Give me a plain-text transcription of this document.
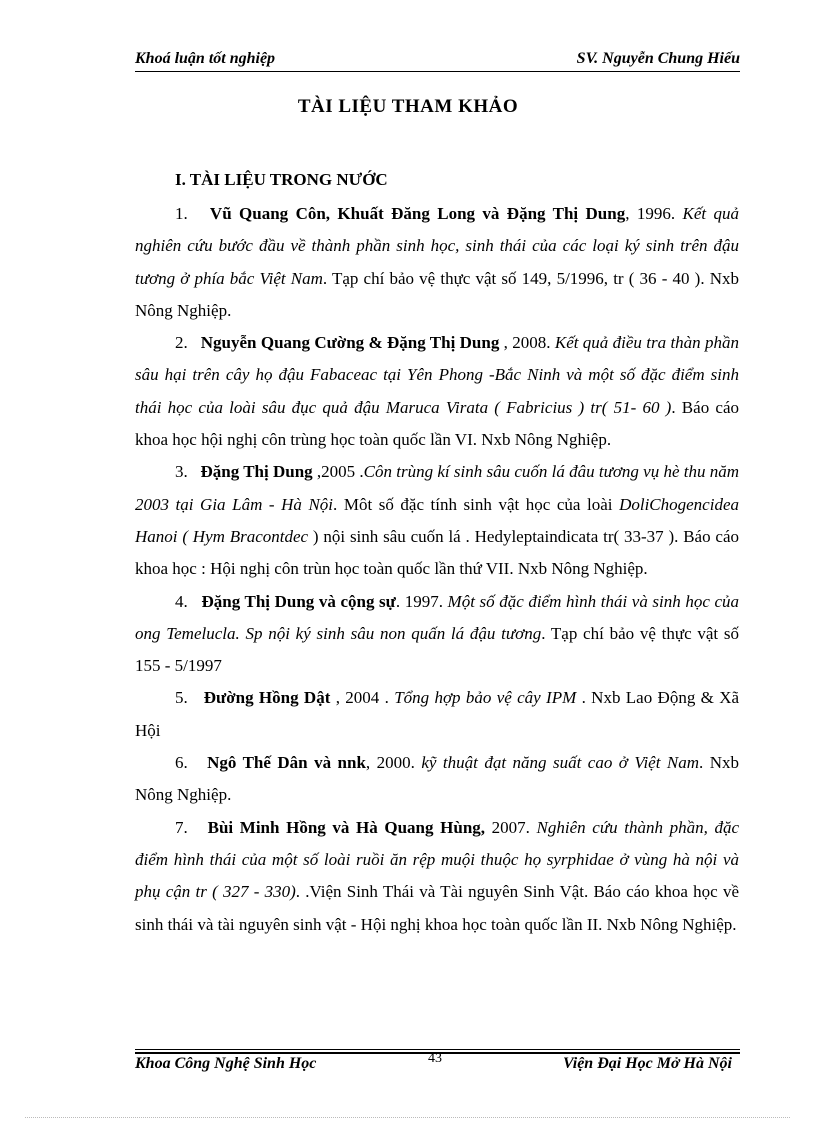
Khoá luận tốt nghiệp	SV. Nguyễn Chung Hiếu
TÀI LIỆU THAM KHẢO
I. TÀI LIỆU TRONG NƯỚC

1. Vũ Quang Côn, Khuất Đăng Long và Đặng Thị Dung, 1996. Kết quả nghiên cứu bước đầu về thành phần sinh học, sinh thái của các loại ký sinh trên đậu tương ở phía bắc Việt Nam. Tạp chí bảo vệ thực vật số 149, 5/1996, tr ( 36 - 40 ). Nxb Nông Nghiệp.

2. Nguyễn Quang Cường & Đặng Thị Dung , 2008. Kết quả điều tra thàn phần sâu hại trên cây họ đậu Fabaceac tại Yên Phong -Bắc Ninh và một số đặc điểm sinh thái học của loài sâu đục quả đậu Maruca Virata ( Fabricius ) tr( 51- 60 ). Báo cáo khoa học hội nghị côn trùng học toàn quốc lần VI. Nxb Nông Nghiệp.

3. Đặng Thị Dung ,2005 .Côn trùng kí sinh sâu cuốn lá đâu tương vụ hè thu năm 2003 tại Gia Lâm - Hà Nội. Môt số đặc tính sinh vật học của loài DoliChogencidea Hanoi ( Hym Bracontdec ) nội sinh sâu cuốn lá . Hedyleptaindicata tr( 33-37 ). Báo cáo khoa học : Hội nghị côn trùn học toàn quốc lần thứ VII. Nxb Nông Nghiệp.

4. Đặng Thị Dung và cộng sự. 1997. Một số đặc điểm hình thái và sinh học của ong Temelucla. Sp nội ký sinh sâu non quấn lá đậu tương. Tạp chí bảo vệ thực vật số 155 - 5/1997

5. Đường Hồng Dật , 2004 . Tổng hợp bảo vệ cây IPM . Nxb Lao Động & Xã Hội

6. Ngô Thế Dân và nnk, 2000. kỹ thuật đạt năng suất cao ở Việt Nam. Nxb Nông Nghiệp.

7. Bùi Minh Hồng và Hà Quang Hùng, 2007. Nghiên cứu thành phần, đặc điểm hình thái của một số loài ruồi ăn rệp muội thuộc họ syrphidae ở vùng hà nội và phụ cận tr ( 327 - 330). .Viện Sinh Thái và Tài nguyên Sinh Vật. Báo cáo khoa học về sinh thái và tài nguyên sinh vật - Hội nghị khoa học toàn quốc lần II. Nxb Nông Nghiệp.

Khoa Công Nghệ Sinh Học	43	Viện Đại Học Mở Hà Nội
